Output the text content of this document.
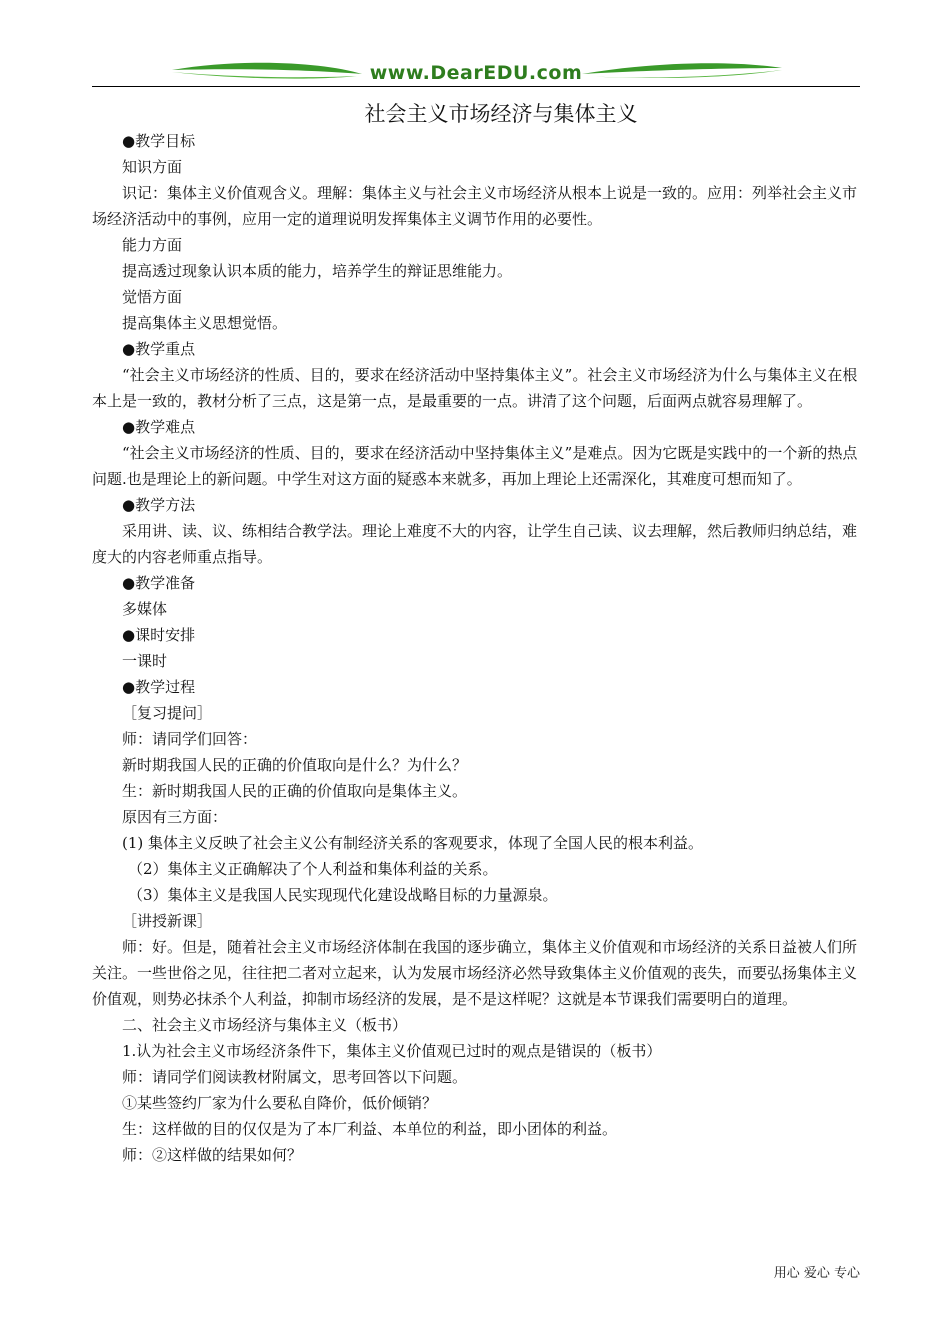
www.DearEDU.com
社会主义市场经济与集体主义

●教学目标

知识方面

识记：集体主义价值观含义。理解：集体主义与社会主义市场经济从根本上说是一致的。应用：列举社会主义市场经济活动中的事例，应用一定的道理说明发挥集体主义调节作用的必要性。

能力方面

提高透过现象认识本质的能力，培养学生的辩证思维能力。

觉悟方面

提高集体主义思想觉悟。

●教学重点

“社会主义市场经济的性质、目的，要求在经济活动中坚持集体主义”。社会主义市场经济为什么与集体主义在根本上是一致的，教材分析了三点，这是第一点，是最重要的一点。讲清了这个问题，后面两点就容易理解了。

●教学难点

“社会主义市场经济的性质、目的，要求在经济活动中坚持集体主义”是难点。因为它既是实践中的一个新的热点问题.也是理论上的新问题。中学生对这方面的疑惑本来就多，再加上理论上还需深化，其难度可想而知了。

●教学方法

采用讲、读、议、练相结合教学法。理论上难度不大的内容，让学生自己读、议去理解，然后教师归纳总结，难度大的内容老师重点指导。

●教学准备

多媒体

●课时安排

一课时

●教学过程

［复习提问］

师：请同学们回答：

新时期我国人民的正确的价值取向是什么？为什么？

生：新时期我国人民的正确的价值取向是集体主义。

原因有三方面：

(1) 集体主义反映了社会主义公有制经济关系的客观要求，体现了全国人民的根本利益。

（2）集体主义正确解决了个人利益和集体利益的关系。

（3）集体主义是我国人民实现现代化建设战略目标的力量源泉。

［讲授新课］

师：好。但是，随着社会主义市场经济体制在我国的逐步确立，集体主义价值观和市场经济的关系日益被人们所关注。一些世俗之见，往往把二者对立起来，认为发展市场经济必然导致集体主义价值观的丧失，而要弘扬集体主义价值观，则势必抹杀个人利益，抑制市场经济的发展，是不是这样呢？这就是本节课我们需要明白的道理。

二、社会主义市场经济与集体主义（板书）

1.认为社会主义市场经济条件下，集体主义价值观已过时的观点是错误的（板书）

师：请同学们阅读教材附属文，思考回答以下问题。

①某些签约厂家为什么要私自降价，低价倾销？

生：这样做的目的仅仅是为了本厂利益、本单位的利益，即小团体的利益。

师：②这样做的结果如何？

用心 爱心 专心
